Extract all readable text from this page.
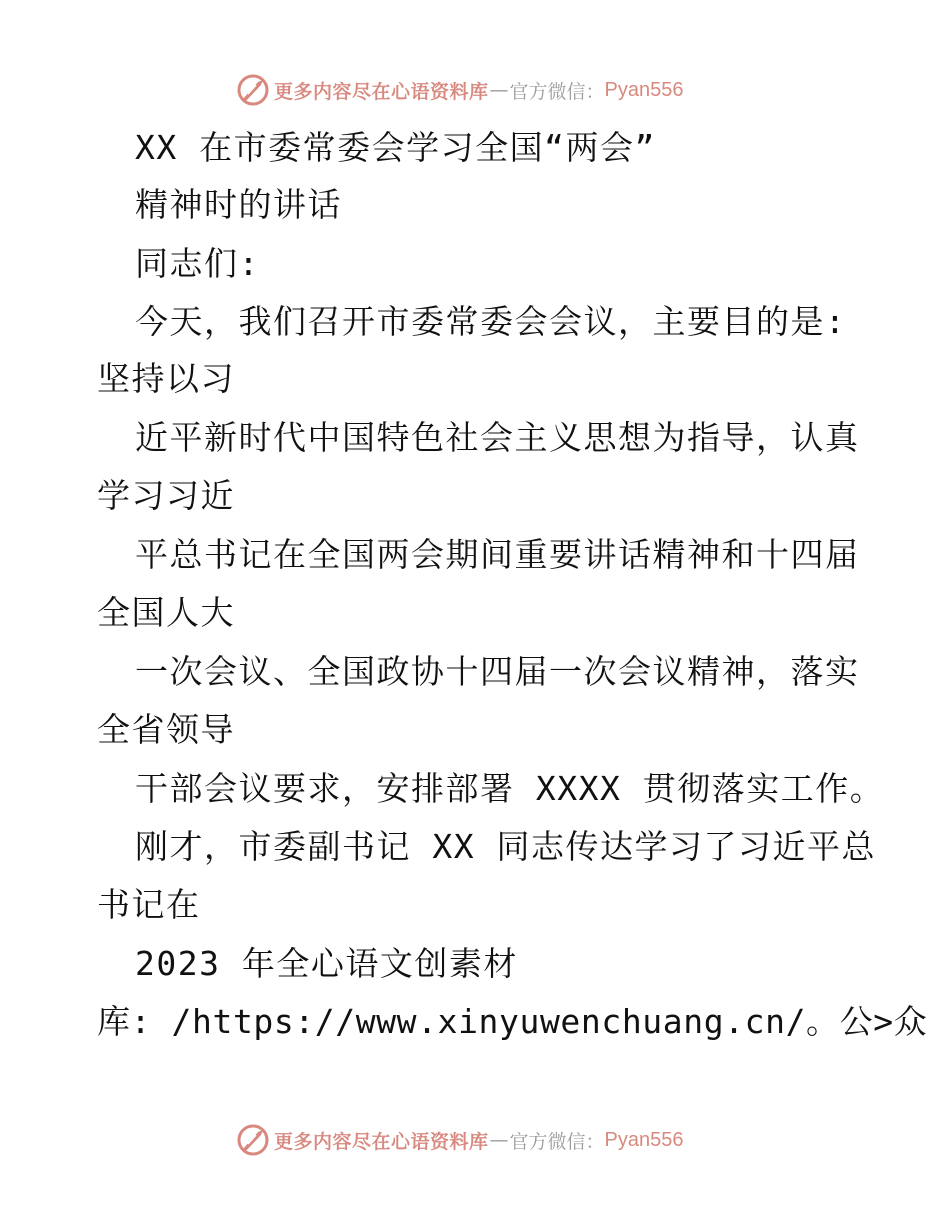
更多内容尽在心语资料库 — 官方微信： Pyan556
XX 在市委常委会学习全国“两会”
精神时的讲话
同志们:
今天，我们召开市委常委会会议，主要目的是:
坚持以习
近平新时代中国特色社会主义思想为指导，认真
学习习近
平总书记在全国两会期间重要讲话精神和十四届
全国人大
一次会议、全国政协十四届一次会议精神，落实
全省领导
干部会议要求，安排部署 XXXX 贯彻落实工作。
刚才，市委副书记 XX 同志传达学习了习近平总
书记在
2023 年全心语文创素材
库: /https://www.xinyuwenchuang.cn/。公>众
更多内容尽在心语资料库 — 官方微信： Pyan556
